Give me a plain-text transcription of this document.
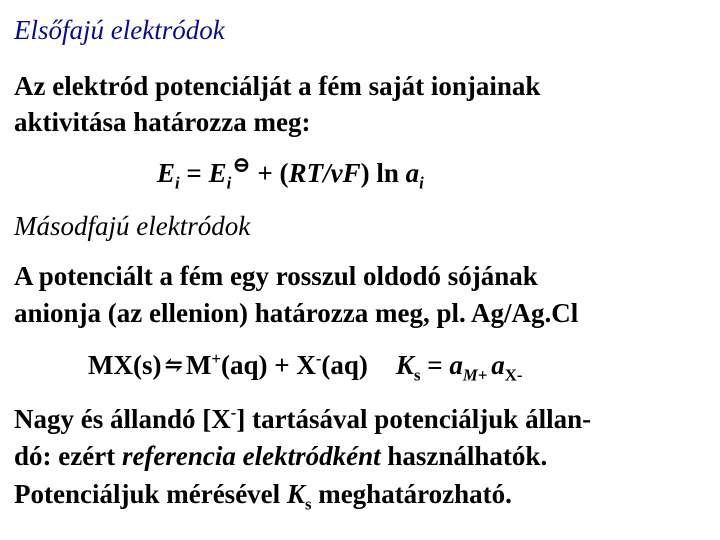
Elsőfajú elektródok
Az elektród potenciálját a fém saját ionjainak
aktivitása határozza meg:
$E_i$ = $E_i⊖ + (RT/\nu F)$ $\ln a_i$
Másodfajú elektródok
A potenciált a fém egy rosszul oldodó sójának
anionja (az ellenion) határozza meg, pl. Ag/Ag.Cl
MX(s) ⇋ M+(aq) + X-(aq) $K_s = a_{M+}$ $a_{X-}$
Nagy és állandó [X-] tartásával potenciáljuk állan-
dó: ezért referencia elektródként használhatók.
Potenciáljuk mérésével $K_s$ meghatározható.
